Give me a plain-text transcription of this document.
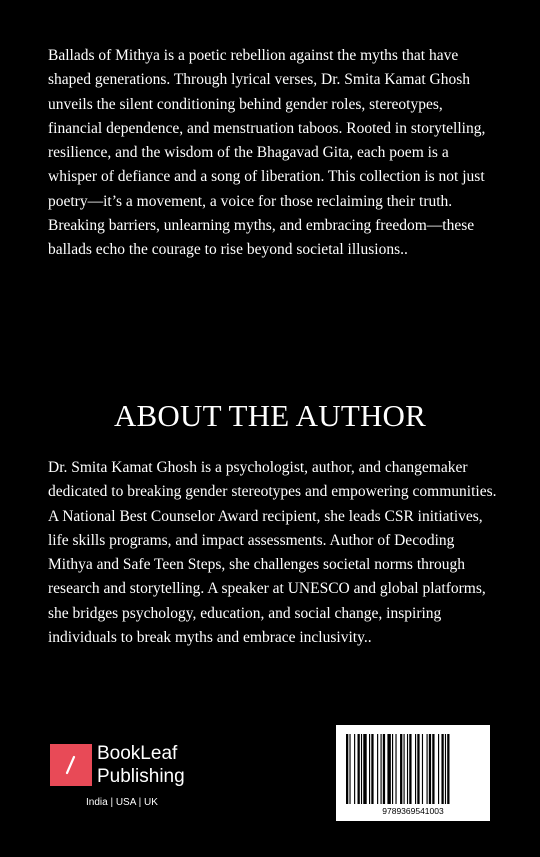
Ballads of Mithya is a poetic rebellion against the myths that have shaped generations. Through lyrical verses, Dr. Smita Kamat Ghosh unveils the silent conditioning behind gender roles, stereotypes, financial dependence, and menstruation taboos. Rooted in storytelling, resilience, and the wisdom of the Bhagavad Gita, each poem is a whisper of defiance and a song of liberation. This collection is not just poetry—it’s a movement, a voice for those reclaiming their truth. Breaking barriers, unlearning myths, and embracing freedom—these ballads echo the courage to rise beyond societal illusions..

ABOUT THE AUTHOR

Dr. Smita Kamat Ghosh is a psychologist, author, and changemaker dedicated to breaking gender stereotypes and empowering communities. A National Best Counselor Award recipient, she leads CSR initiatives, life skills programs, and impact assessments. Author of Decoding Mithya and Safe Teen Steps, she challenges societal norms through research and storytelling. A speaker at UNESCO and global platforms, she bridges psychology, education, and social change, inspiring individuals to break myths and embrace inclusivity..

BookLeaf
Publishing
India | USA | UK
9789369541003
